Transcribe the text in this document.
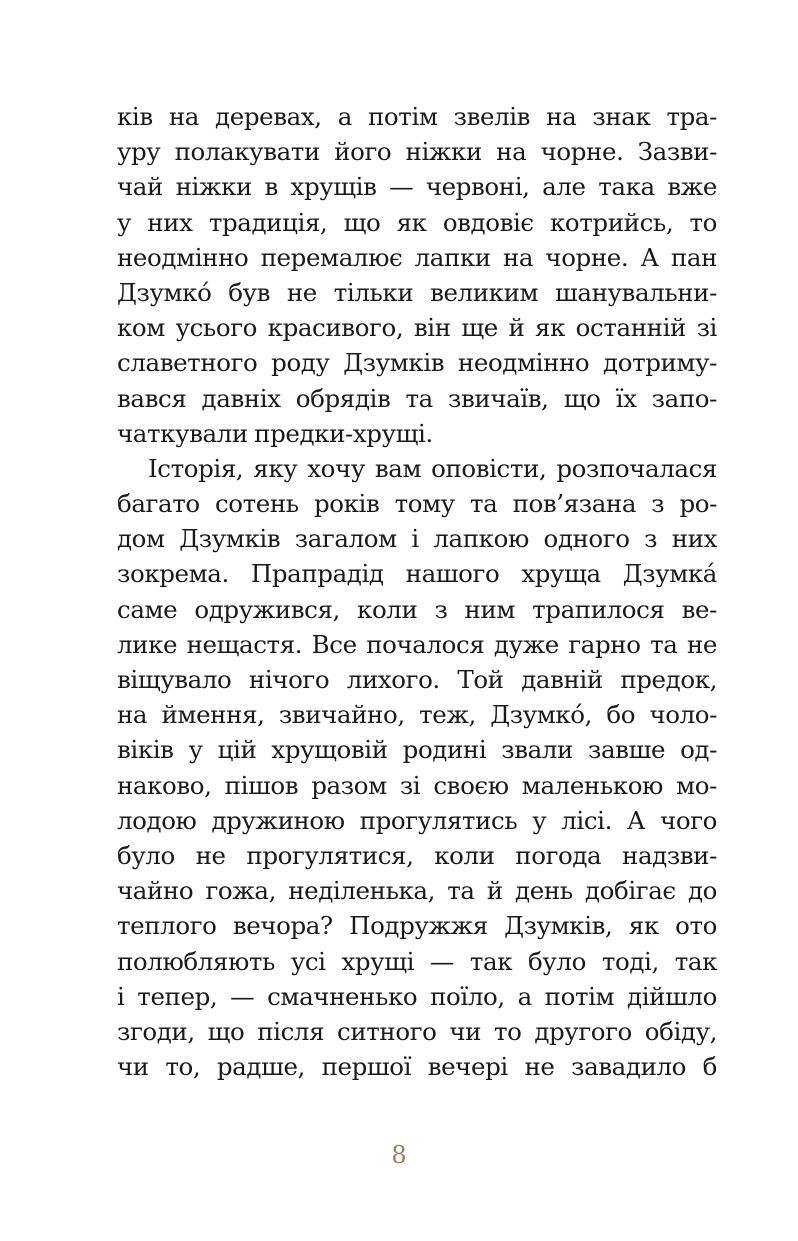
ків на деревах, а потім звелів на знак тра-
уру полакувати його ніжки на чорне. Зазви-
чай ніжки в хрущів — червоні, але така вже
у них традиція, що як овдовіє котрийсь, то
неодмінно перемалює лапки на чорне. А пан
Дзумко́ був не тільки великим шанувальни-
ком усього красивого, він ще й як останній зі
славетного роду Дзумків неодмінно дотриму-
вався давніх обрядів та звичаїв, що їх запо-
чаткували предки-хрущі.
Історія, яку хочу вам оповісти, розпочалася
багато сотень років тому та пов’язана з ро-
дом Дзумків загалом і лапкою одного з них
зокрема. Прапрадід нашого хруща Дзумка́
саме одружився, коли з ним трапилося ве-
лике нещастя. Все почалося дуже гарно та не
віщувало нічого лихого. Той давній предок,
на ймення, звичайно, теж, Дзумко́, бо чоло-
віків у цій хрущовій родині звали завше од-
наково, пішов разом зі своєю маленькою мо-
лодою дружиною прогулятись у лісі. А чого
було не прогулятися, коли погода надзви-
чайно гожа, неділенька, та й день добігає до
теплого вечора? Подружжя Дзумків, як ото
полюбляють усі хрущі — так було тоді, так
і тепер, — смачненько поїло, а потім дійшло
згоди, що після ситного чи то другого обіду,
чи то, радше, першої вечері не завадило б
8
